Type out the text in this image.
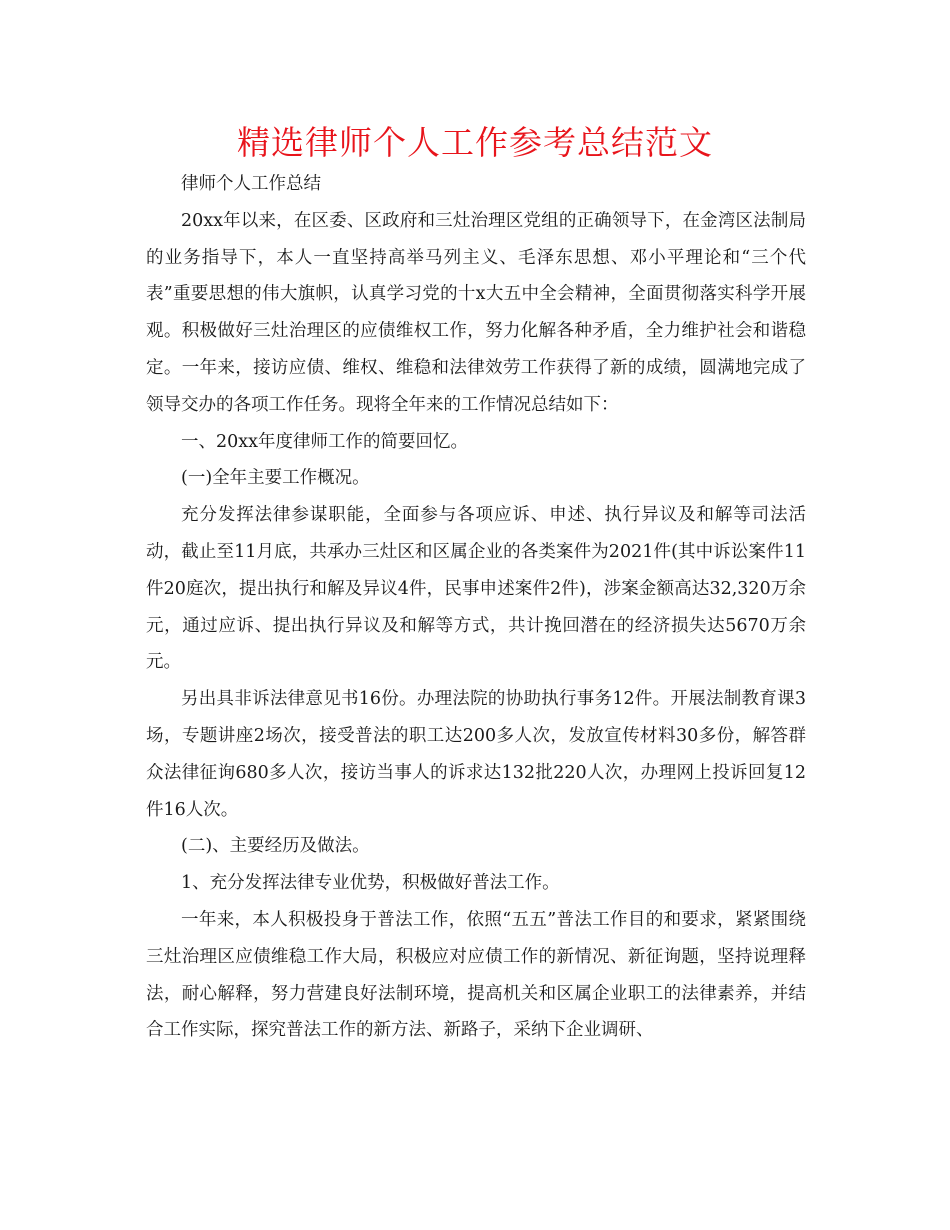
精选律师个人工作参考总结范文

律师个人工作总结

20xx年以来，在区委、区政府和三灶治理区党组的正确领导下，在金湾区法制局的业务指导下，本人一直坚持高举马列主义、毛泽东思想、邓小平理论和“三个代表”重要思想的伟大旗帜，认真学习党的十x大五中全会精神，全面贯彻落实科学开展观。积极做好三灶治理区的应债维权工作，努力化解各种矛盾，全力维护社会和谐稳定。一年来，接访应债、维权、维稳和法律效劳工作获得了新的成绩，圆满地完成了领导交办的各项工作任务。现将全年来的工作情况总结如下：

一、20xx年度律师工作的简要回忆。

(一)全年主要工作概况。

充分发挥法律参谋职能，全面参与各项应诉、申述、执行异议及和解等司法活动，截止至11月底，共承办三灶区和区属企业的各类案件为2021件(其中诉讼案件11件20庭次，提出执行和解及异议4件，民事申述案件2件)，涉案金额高达32,320万余元，通过应诉、提出执行异议及和解等方式，共计挽回潜在的经济损失达5670万余元。

另出具非诉法律意见书16份。办理法院的协助执行事务12件。开展法制教育课3场，专题讲座2场次，接受普法的职工达200多人次，发放宣传材料30多份，解答群众法律征询680多人次，接访当事人的诉求达132批220人次，办理网上投诉回复12件16人次。

(二)、主要经历及做法。

1、充分发挥法律专业优势，积极做好普法工作。

一年来，本人积极投身于普法工作，依照“五五”普法工作目的和要求，紧紧围绕三灶治理区应债维稳工作大局，积极应对应债工作的新情况、新征询题，坚持说理释法，耐心解释，努力营建良好法制环境，提高机关和区属企业职工的法律素养，并结合工作实际，探究普法工作的新方法、新路子，采纳下企业调研、
